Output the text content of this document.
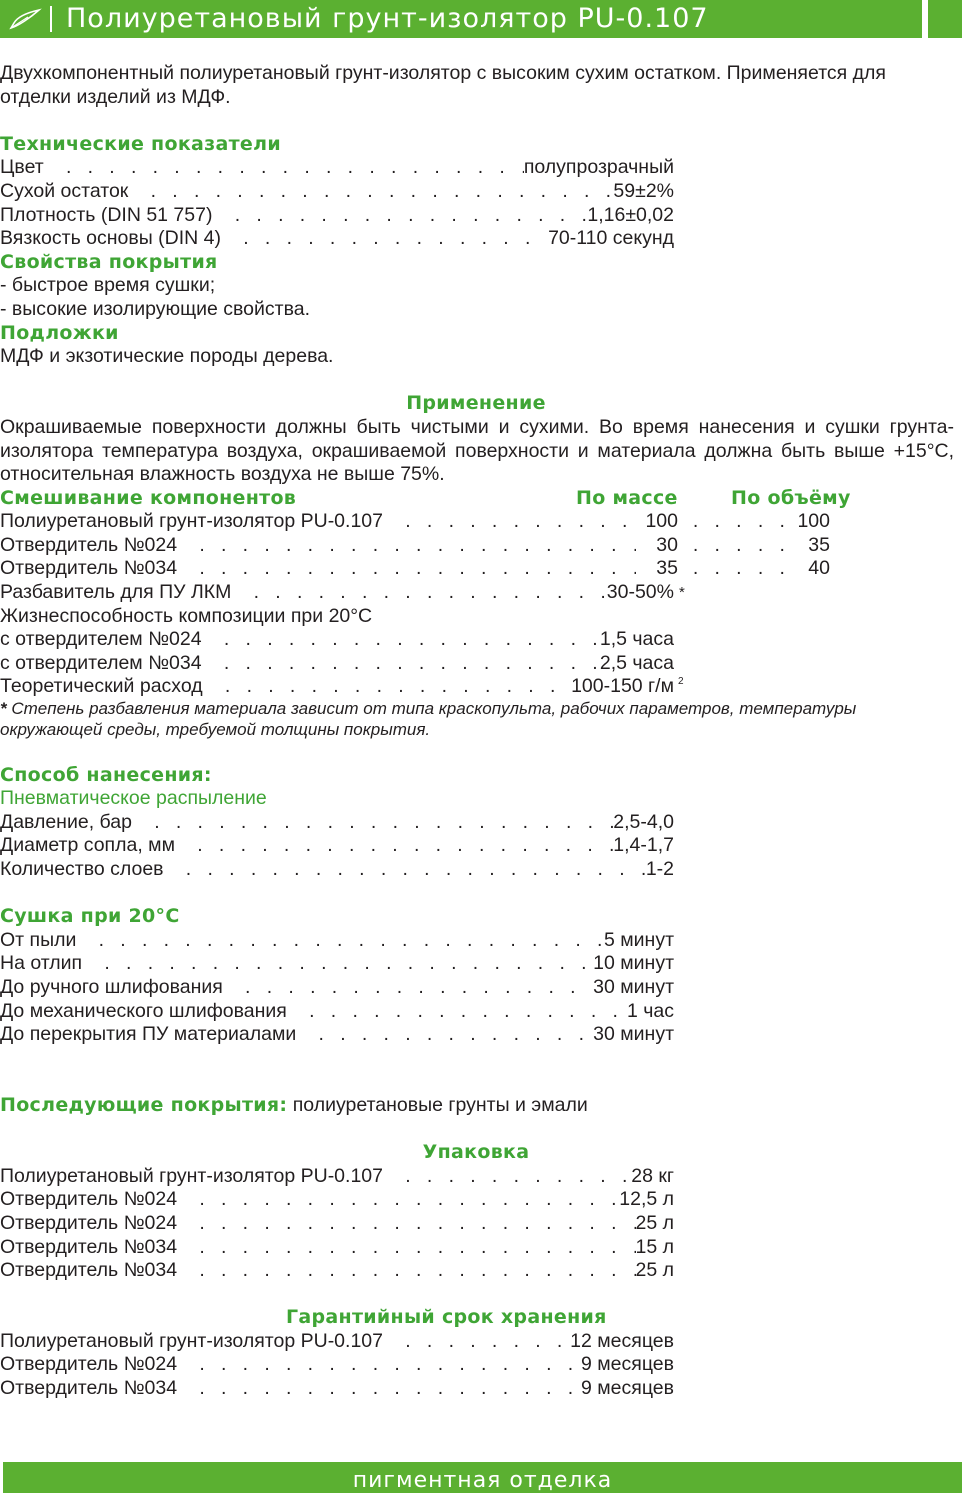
Полиуретановый грунт-изолятор PU-0.107
Двухкомпонентный полиуретановый грунт-изолятор с высоким сухим остатком. Применяется для отделки изделий из МДФ.
Технические показатели
Цвет . .	полупрозрачный
Сухой остаток . .	59±2%
Плотность (DIN 51 757) . .	1,16±0,02
Вязкость основы (DIN 4) . .	70-110 секунд
Свойства покрытия
- быстрое время сушки;
- высокие изолирующие свойства.
Подложки
МДФ и экзотические породы дерева.
Применение
Окрашиваемые поверхности должны быть чистыми и сухими. Во время нанесения и сушки грунта-изолятора температура воздуха, окрашиваемой поверхности и материала должна быть выше +15°С, относительная влажность воздуха не выше 75%.
Смешивание компонентов	По массе	По объёму
Полиуретановый грунт-изолятор PU-0.107 . .	100 . .	100
Отвердитель №024 . .	30 . .	35
Отвердитель №034 . .	35 . .	40
Разбавитель для ПУ ЛКМ . .	30-50% *
Жизнеспособность композиции при 20°С
с отвердителем №024 . .	1,5 часа
с отвердителем №034 . .	2,5 часа
Теоретический расход . .	100-150 г/м 2
* Степень разбавления материала зависит от типа краскопульта, рабочих параметров, температуры окружающей среды, требуемой толщины покрытия.
Способ нанесения:
Пневматическое распыление
Давление, бар . .	2,5-4,0
Диаметр сопла, мм . .	1,4-1,7
Количество слоев . .	1-2
Сушка при 20°С
От пыли . .	5 минут
На отлип . .	10 минут
До ручного шлифования . .	30 минут
До механического шлифования . .	1 час
До перекрытия ПУ материалами . .	30 минут
Последующие покрытия: полиуретановые грунты и эмали
Упаковка
Полиуретановый грунт-изолятор PU-0.107 . .	28 кг
Отвердитель №024 . .	12,5 л
Отвердитель №024 . .	25 л
Отвердитель №034 . .	15 л
Отвердитель №034 . .	25 л
Гарантийный срок хранения
Полиуретановый грунт-изолятор PU-0.107 . .	12 месяцев
Отвердитель №024 . .	9 месяцев
Отвердитель №034 . .	9 месяцев
пигментная отделка
